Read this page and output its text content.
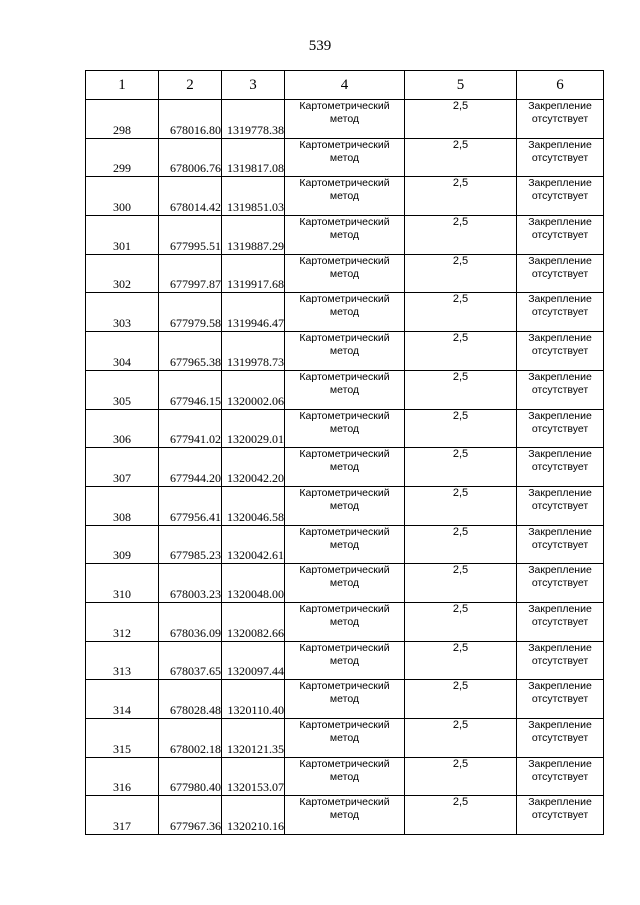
539
1	2	3	4	5	6
298	678016.80	1319778.38	Картометрический метод	2,5	Закрепление отсутствует
299	678006.76	1319817.08	Картометрический метод	2,5	Закрепление отсутствует
300	678014.42	1319851.03	Картометрический метод	2,5	Закрепление отсутствует
301	677995.51	1319887.29	Картометрический метод	2,5	Закрепление отсутствует
302	677997.87	1319917.68	Картометрический метод	2,5	Закрепление отсутствует
303	677979.58	1319946.47	Картометрический метод	2,5	Закрепление отсутствует
304	677965.38	1319978.73	Картометрический метод	2,5	Закрепление отсутствует
305	677946.15	1320002.06	Картометрический метод	2,5	Закрепление отсутствует
306	677941.02	1320029.01	Картометрический метод	2,5	Закрепление отсутствует
307	677944.20	1320042.20	Картометрический метод	2,5	Закрепление отсутствует
308	677956.41	1320046.58	Картометрический метод	2,5	Закрепление отсутствует
309	677985.23	1320042.61	Картометрический метод	2,5	Закрепление отсутствует
310	678003.23	1320048.00	Картометрический метод	2,5	Закрепление отсутствует
312	678036.09	1320082.66	Картометрический метод	2,5	Закрепление отсутствует
313	678037.65	1320097.44	Картометрический метод	2,5	Закрепление отсутствует
314	678028.48	1320110.40	Картометрический метод	2,5	Закрепление отсутствует
315	678002.18	1320121.35	Картометрический метод	2,5	Закрепление отсутствует
316	677980.40	1320153.07	Картометрический метод	2,5	Закрепление отсутствует
317	677967.36	1320210.16	Картометрический метод	2,5	Закрепление отсутствует
